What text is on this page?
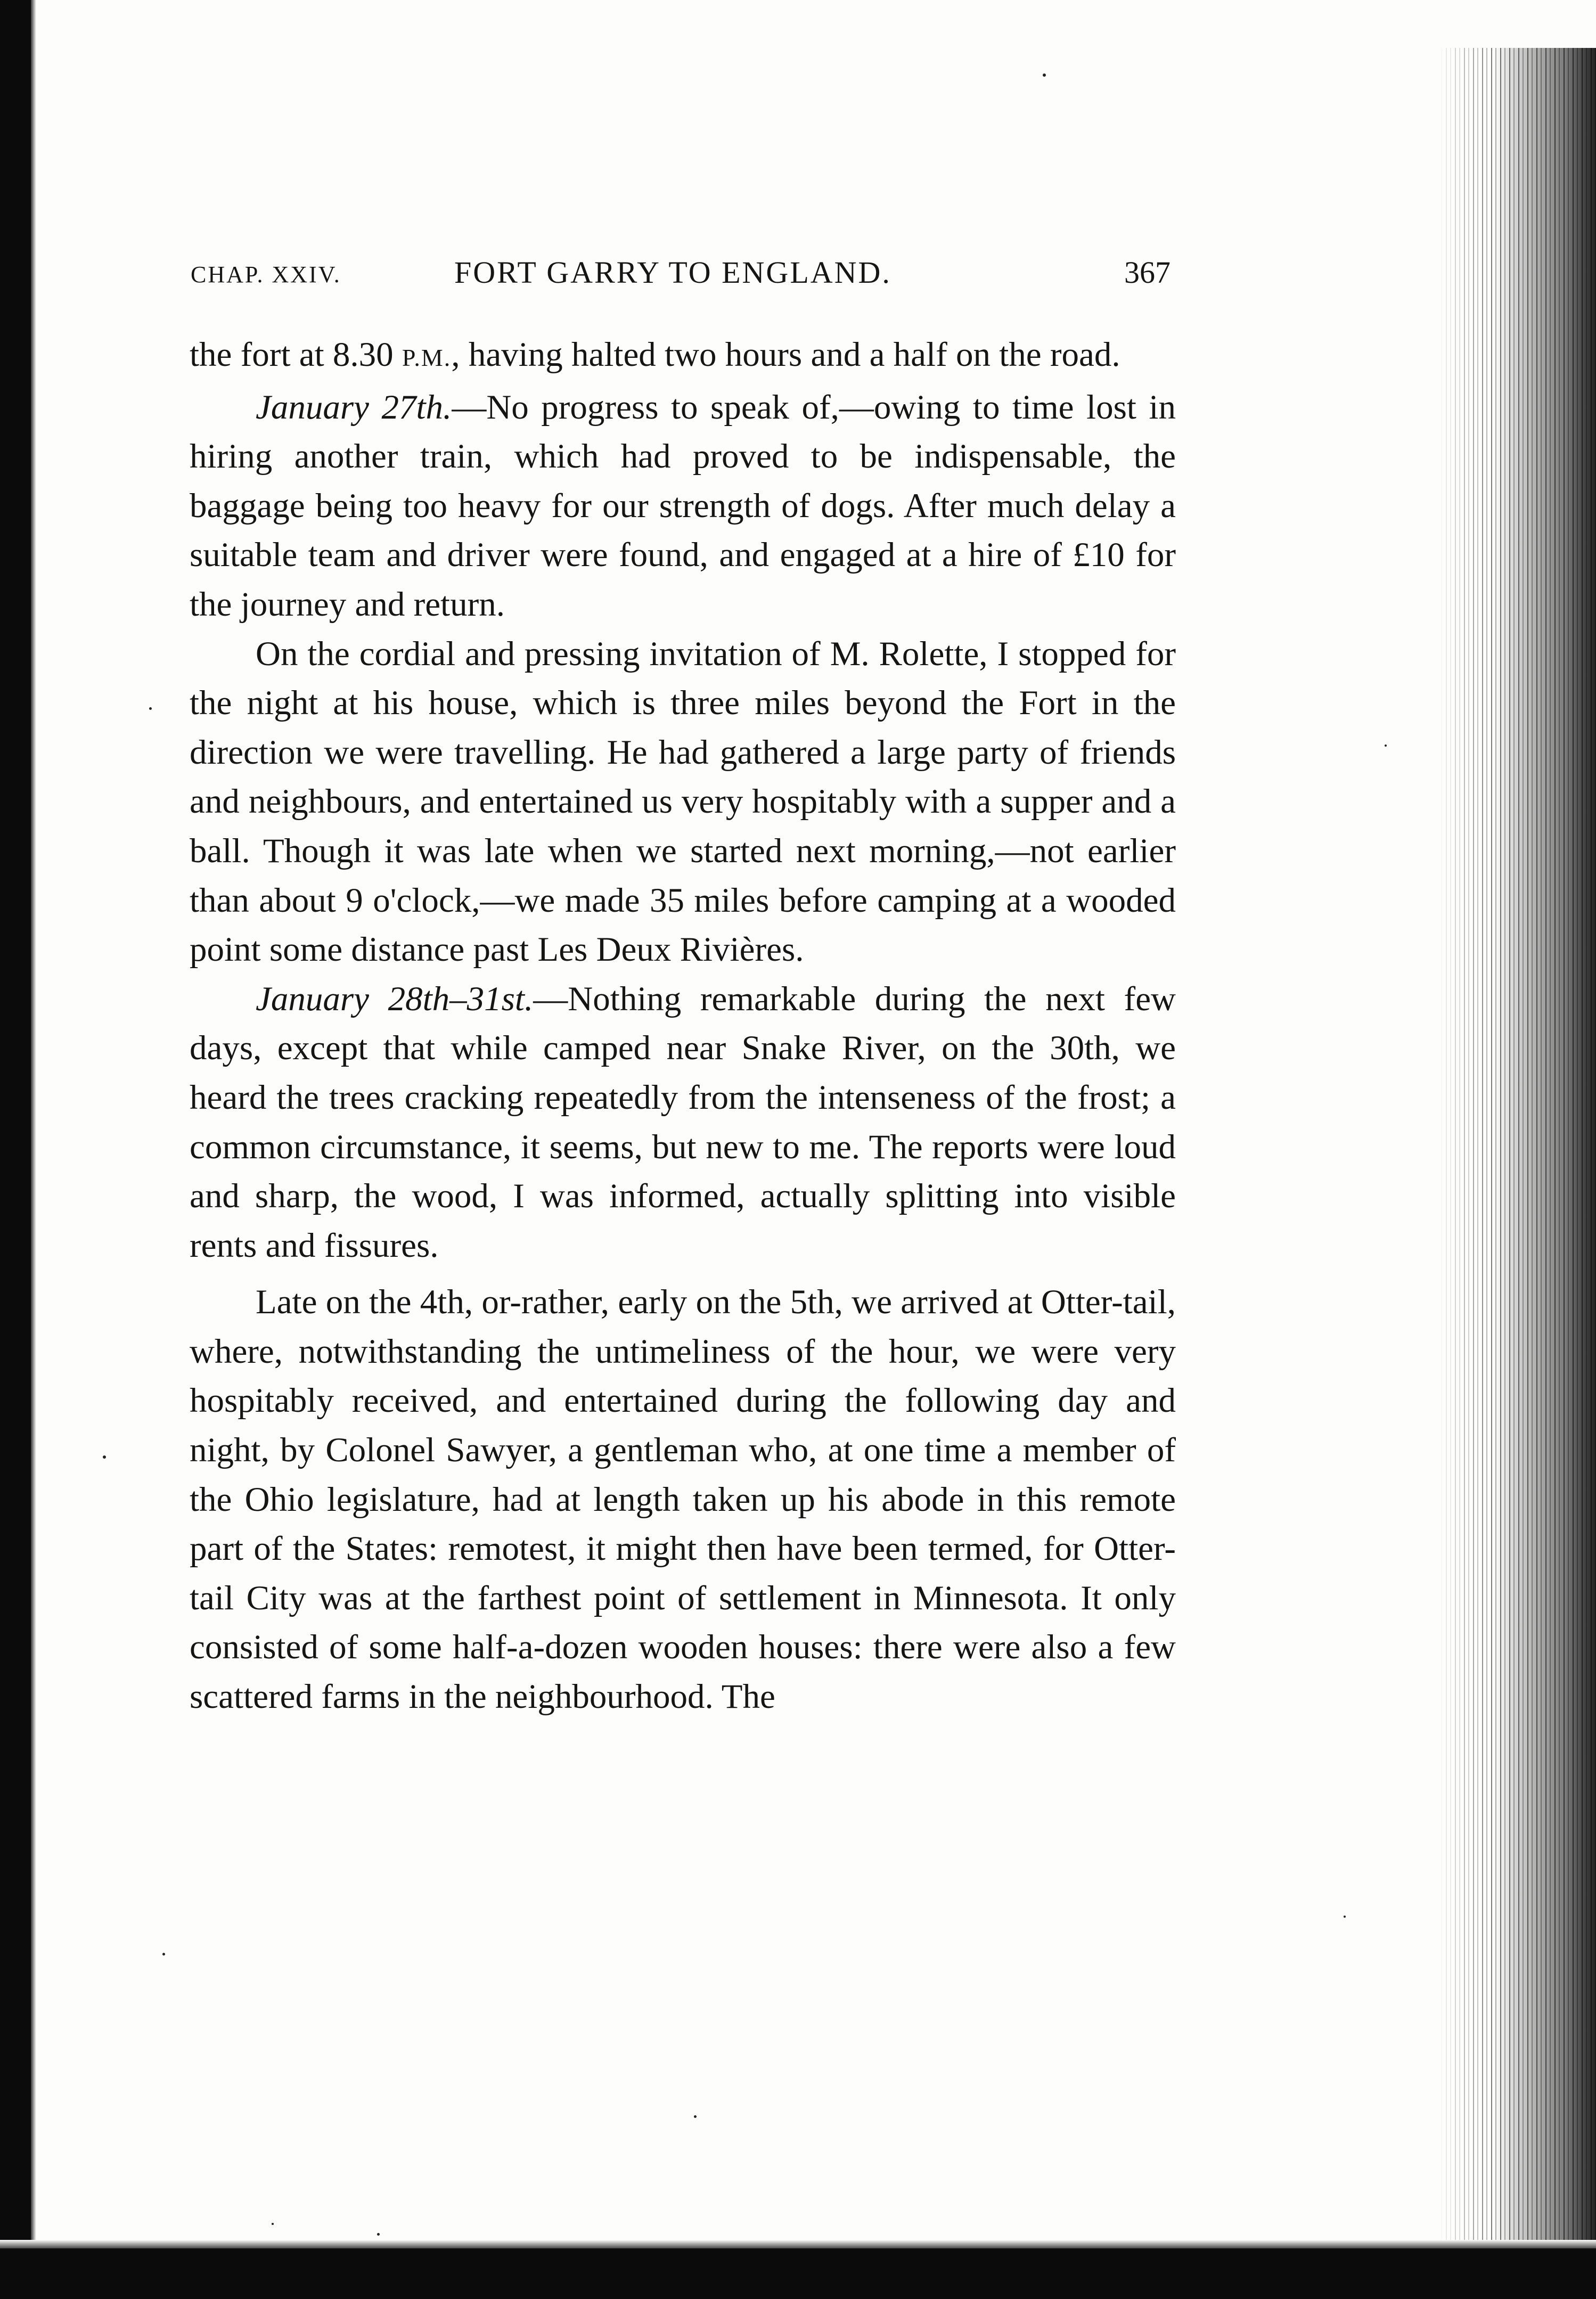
CHAP. XXIV.	FORT GARRY TO ENGLAND.	367

the fort at 8.30 P.M., having halted two hours and a half on the road.

January 27th.—No progress to speak of,—owing to time lost in hiring another train, which had proved to be indispensable, the baggage being too heavy for our strength of dogs. After much delay a suitable team and driver were found, and engaged at a hire of £10 for the journey and return.

On the cordial and pressing invitation of M. Rolette, I stopped for the night at his house, which is three miles beyond the Fort in the direction we were travelling. He had gathered a large party of friends and neighbours, and entertained us very hospitably with a supper and a ball. Though it was late when we started next morning,—not earlier than about 9 o'clock,—we made 35 miles before camping at a wooded point some distance past Les Deux Rivières.

January 28th–31st.—Nothing remarkable during the next few days, except that while camped near Snake River, on the 30th, we heard the trees cracking repeatedly from the intenseness of the frost; a common circumstance, it seems, but new to me. The reports were loud and sharp, the wood, I was informed, actually splitting into visible rents and fissures.

Late on the 4th, or-rather, early on the 5th, we arrived at Otter-tail, where, notwithstanding the untimeliness of the hour, we were very hospitably received, and entertained during the following day and night, by Colonel Sawyer, a gentleman who, at one time a member of the Ohio legislature, had at length taken up his abode in this remote part of the States: remotest, it might then have been termed, for Otter-tail City was at the farthest point of settlement in Minnesota. It only consisted of some half-a-dozen wooden houses: there were also a few scattered farms in the neighbourhood. The
